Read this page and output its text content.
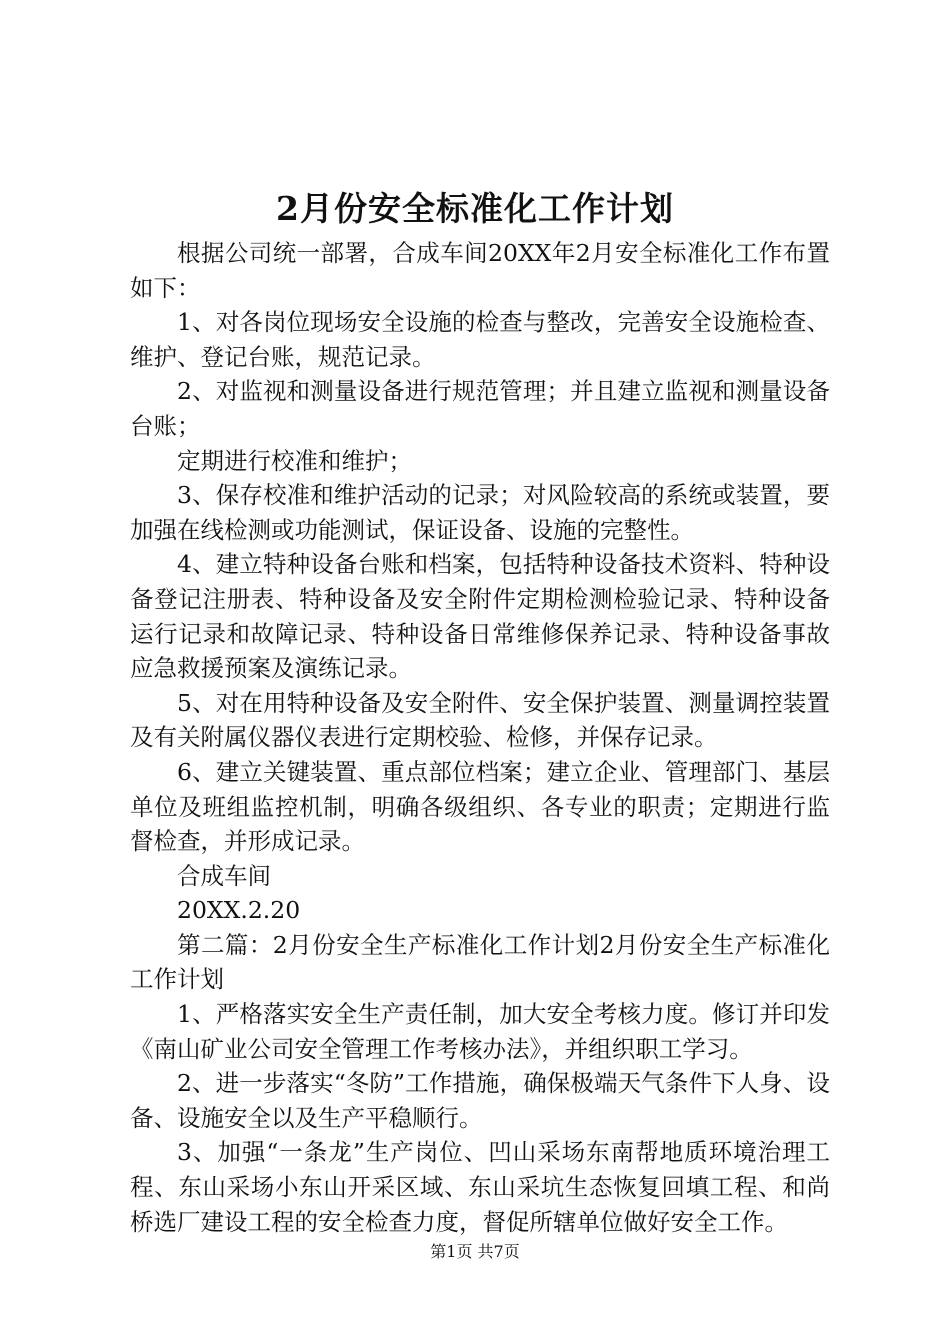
2月份安全标准化工作计划

根据公司统一部署，合成车间20XX年2月安全标准化工作布置如下：

1、对各岗位现场安全设施的检查与整改，完善安全设施检查、维护、登记台账，规范记录。

2、对监视和测量设备进行规范管理；并且建立监视和测量设备台账；

定期进行校准和维护；

3、保存校准和维护活动的记录；对风险较高的系统或装置，要加强在线检测或功能测试，保证设备、设施的完整性。

4、建立特种设备台账和档案，包括特种设备技术资料、特种设备登记注册表、特种设备及安全附件定期检测检验记录、特种设备运行记录和故障记录、特种设备日常维修保养记录、特种设备事故应急救援预案及演练记录。

5、对在用特种设备及安全附件、安全保护装置、测量调控装置及有关附属仪器仪表进行定期校验、检修，并保存记录。

6、建立关键装置、重点部位档案；建立企业、管理部门、基层单位及班组监控机制，明确各级组织、各专业的职责；定期进行监督检查，并形成记录。

合成车间

20XX.2.20

第二篇：2月份安全生产标准化工作计划2月份安全生产标准化工作计划

1、严格落实安全生产责任制，加大安全考核力度。修订并印发《南山矿业公司安全管理工作考核办法》，并组织职工学习。

2、进一步落实“冬防”工作措施，确保极端天气条件下人身、设备、设施安全以及生产平稳顺行。

3、加强“一条龙”生产岗位、凹山采场东南帮地质环境治理工程、东山采场小东山开采区域、东山采坑生态恢复回填工程、和尚桥选厂建设工程的安全检查力度，督促所辖单位做好安全工作。

第1页 共7页
